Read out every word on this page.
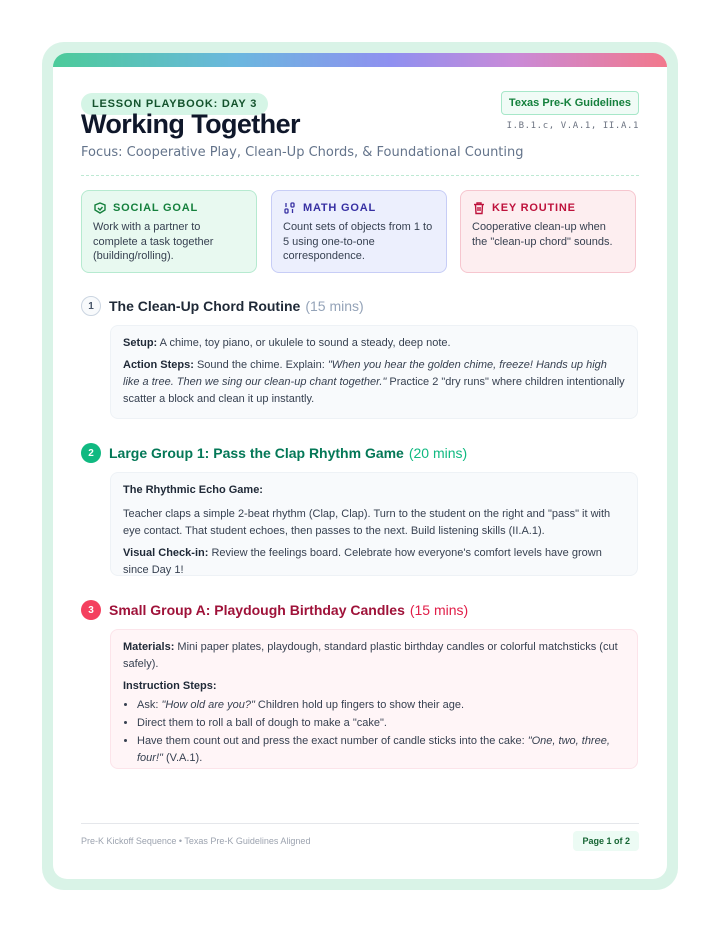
LESSON PLAYBOOK: DAY 3	Texas Pre-K Guidelines
I.B.1.c, V.A.1, II.A.1
Working Together
Focus: Cooperative Play, Clean-Up Chords, & Foundational Counting
SOCIAL GOAL
Work with a partner to complete a task together (building/rolling).
MATH GOAL
Count sets of objects from 1 to 5 using one-to-one correspondence.
KEY ROUTINE
Cooperative clean-up when the "clean-up chord" sounds.
1	The Clean-Up Chord Routine (15 mins)

Setup: A chime, toy piano, or ukulele to sound a steady, deep note.

Action Steps: Sound the chime. Explain: "When you hear the golden chime, freeze! Hands up high like a tree. Then we sing our clean-up chant together." Practice 2 "dry runs" where children intentionally scatter a block and clean it up instantly.

2	Large Group 1: Pass the Clap Rhythm Game (20 mins)

The Rhythmic Echo Game:

Teacher claps a simple 2-beat rhythm (Clap, Clap). Turn to the student on the right and "pass" it with eye contact. That student echoes, then passes to the next. Build listening skills (II.A.1).

Visual Check-in: Review the feelings board. Celebrate how everyone's comfort levels have grown since Day 1!

3	Small Group A: Playdough Birthday Candles (15 mins)

Materials: Mini paper plates, playdough, standard plastic birthday candles or colorful matchsticks (cut safely).

Instruction Steps:

• Ask: "How old are you?" Children hold up fingers to show their age.
• Direct them to roll a ball of dough to make a "cake".
• Have them count out and press the exact number of candle sticks into the cake: "One, two, three, four!" (V.A.1).
Pre-K Kickoff Sequence • Texas Pre-K Guidelines Aligned	Page 1 of 2
